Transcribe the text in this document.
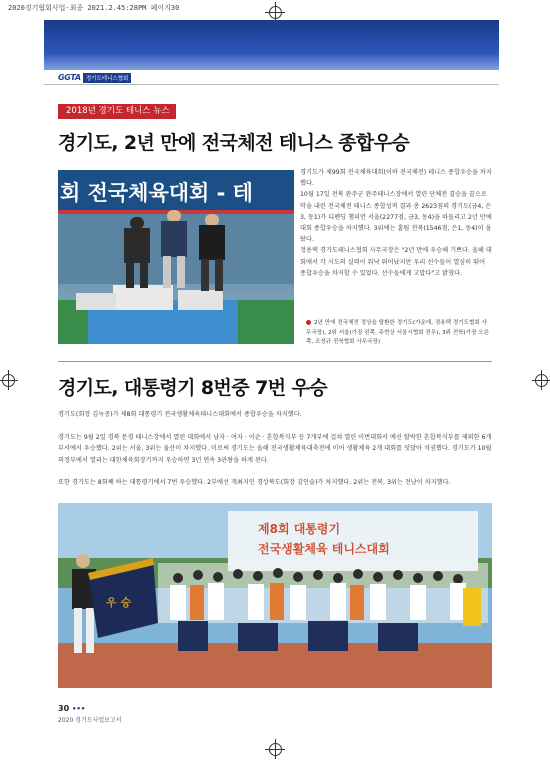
2020경기협회사업-최종 2021.2.45:28PM 페이지30
GGTA 경기도테니스협회
2018년 경기도 테니스 뉴스
경기도, 2년 만에 전국체전 테니스 종합우승
회 전국체육대회 - 테

경기도가 제99회 전국체육대회(이하 전국체전) 테니스 종합우승을 차지했다.

10월 17일 전북 완주군 완주테니스장에서 열린 단체전 결승을 끝으로 막을 내린 전국체전 테니스 종합성적 결과 총 2623점의 경기도(금4, 은3, 동1)가 디펜딩 챔피언 서울(2277점, 금3, 동4)을 따돌리고 2년 만에 대회 종합우승을 차지했다. 3위에는 홈팀 전북(1546점, 은1, 동4)이 올랐다.

정용택 경기도테니스협회 사무국장은 "2년 만에 우승해 기쁘다. 올해 대회에서 각 시도의 실력이 워낙 뛰어났지만 우리 선수들이 열심히 뛰어 종합우승을 차지할 수 있었다. 선수들에게 고맙다"고 밝혔다.

2년 만에 전국체전 정상을 탈환한 경기도(가운데, 정용택 경기도협회 사무국장), 2위 서울(가장 왼쪽, 주현상 서울시협회 전무), 3위 전북(가장 오른쪽, 조성규 전북협회 사무국장)
경기도, 대통령기 8번중 7번 우승

경기도(회장 김녹중)가 제8회 대통령기 전국생활체육테니스대회에서 종합우승을 차지했다.

경기도는 9월 2일 경북 문경 테니스장에서 열린 대회에서 남자 · 여자 · 이순 · 혼합복식부 등 7개부에 걸쳐 열린 이번대회서 예선 탈락한 혼합복식부를 제외한 6개 부서에서 우승했다. 2위는 서울, 3위는 울산이 차지했다. 이로써 경기도는 올해 전국생활체육대축전에 이어 생활체육 2개 대회를 잇달아 석권했다. 경기도가 10월 의정부에서 열리는 대한체육회장기까지 우승하면 3년 연속 3관왕을 하게 된다.

또한 경기도는 8회째 하는 대통령기에서 7번 우승했다. 2부에선 개최지인 경상북도(회장 김인술)가 차지했다. 2위는 전북, 3위는 전남이 차지했다.

제8회 대통령기
전국생활체육 테니스대회
우 승
30 •••
2020 경기도사업보고서
